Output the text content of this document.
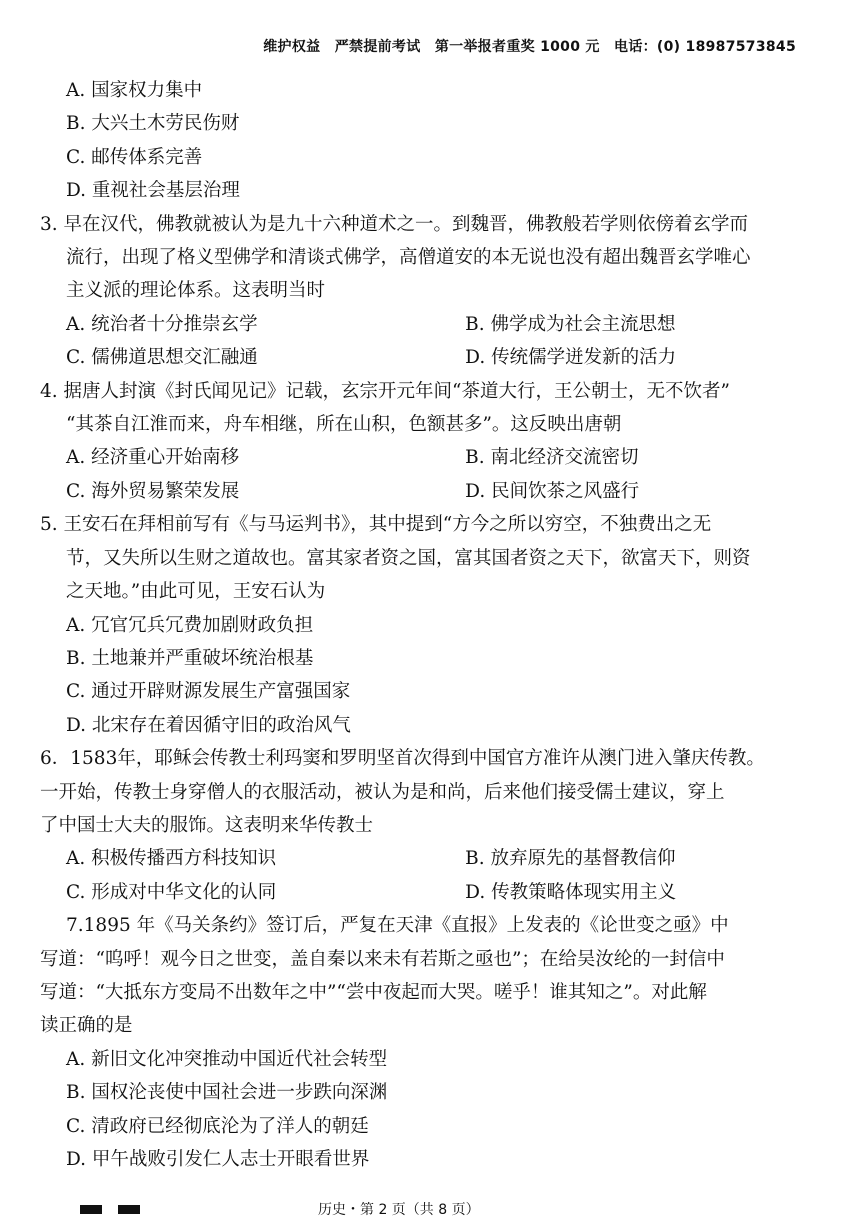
维护权益　严禁提前考试　第一举报者重奖 1000 元　电话：(0) 18987573845
A. 国家权力集中
B. 大兴土木劳民伤财
C. 邮传体系完善
D. 重视社会基层治理
3. 早在汉代，佛教就被认为是九十六种道术之一。到魏晋，佛教般若学则依傍着玄学而
流行，出现了格义型佛学和清谈式佛学，高僧道安的本无说也没有超出魏晋玄学唯心
主义派的理论体系。这表明当时
A. 统治者十分推崇玄学	B. 佛学成为社会主流思想
C. 儒佛道思想交汇融通	D. 传统儒学迸发新的活力
4. 据唐人封演《封氏闻见记》记载，玄宗开元年间“茶道大行，王公朝士，无不饮者”
“其茶自江淮而来，舟车相继，所在山积，色额甚多”。这反映出唐朝
A. 经济重心开始南移	B. 南北经济交流密切
C. 海外贸易繁荣发展	D. 民间饮茶之风盛行
5. 王安石在拜相前写有《与马运判书》，其中提到“方今之所以穷空，不独费出之无
节，又失所以生财之道故也。富其家者资之国，富其国者资之天下，欲富天下，则资
之天地。”由此可见，王安石认为
A. 冗官冗兵冗费加剧财政负担
B. 土地兼并严重破坏统治根基
C. 通过开辟财源发展生产富强国家
D. 北宋存在着因循守旧的政治风气
6．1583年，耶稣会传教士利玛窦和罗明坚首次得到中国官方准许从澳门进入肇庆传教。
一开始，传教士身穿僧人的衣服活动，被认为是和尚，后来他们接受儒士建议，穿上
了中国士大夫的服饰。这表明来华传教士
A. 积极传播西方科技知识	B. 放弃原先的基督教信仰
C. 形成对中华文化的认同	D. 传教策略体现实用主义
7.1895 年《马关条约》签订后，严复在天津《直报》上发表的《论世变之亟》中
写道：“呜呼！观今日之世变，盖自秦以来未有若斯之亟也”；在给吴汝纶的一封信中
写道：“大抵东方变局不出数年之中”“尝中夜起而大哭。嗟乎！谁其知之”。对此解
读正确的是
A. 新旧文化冲突推动中国近代社会转型
B. 国权沦丧使中国社会进一步跌向深渊
C. 清政府已经彻底沦为了洋人的朝廷
D. 甲午战败引发仁人志士开眼看世界
历史・第 2 页（共 8 页）
